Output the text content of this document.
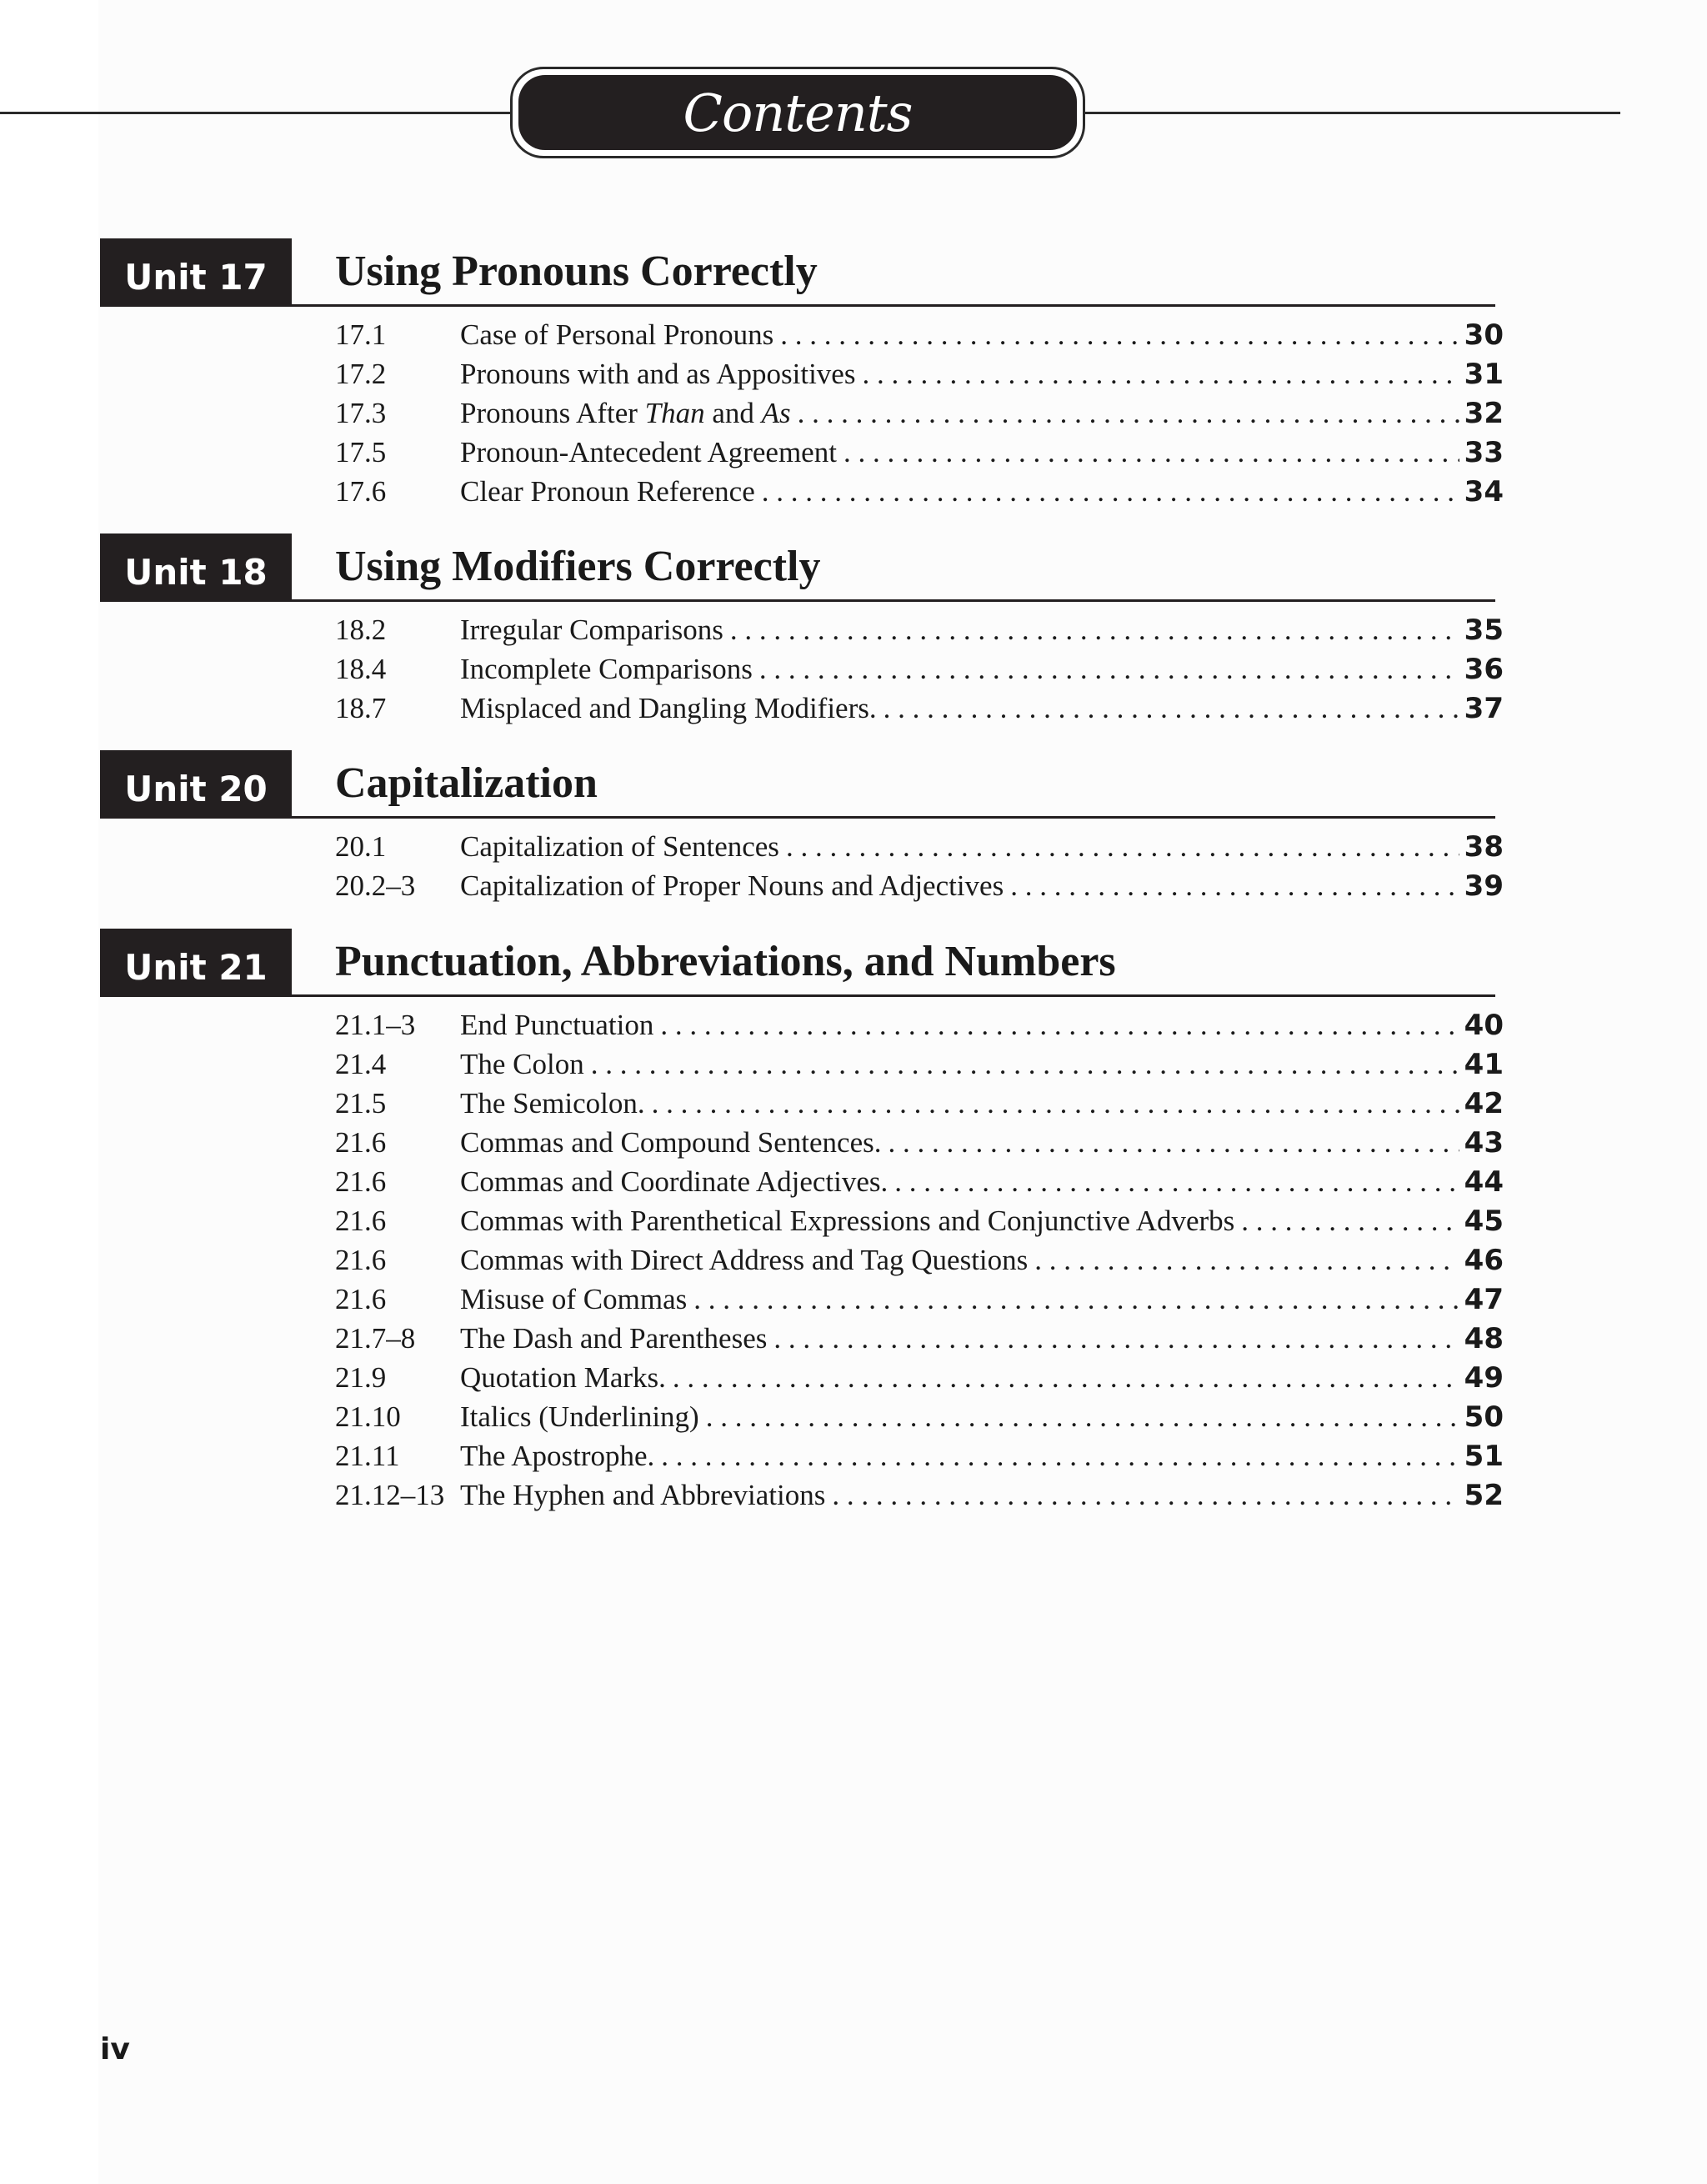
Contents
Unit 17	Using Pronouns Correctly
17.1	Case of Personal Pronouns . . .	30
17.2	Pronouns with and as Appositives . . .	31
17.3	Pronouns After Than and As . . .	32
17.5	Pronoun-Antecedent Agreement . . .	33
17.6	Clear Pronoun Reference . . .	34
Unit 18	Using Modifiers Correctly
18.2	Irregular Comparisons . . .	35
18.4	Incomplete Comparisons . . .	36
18.7	Misplaced and Dangling Modifiers. . . .	37
Unit 20	Capitalization
20.1	Capitalization of Sentences . . .	38
20.2–3	Capitalization of Proper Nouns and Adjectives . . .	39
Unit 21	Punctuation, Abbreviations, and Numbers
21.1–3	End Punctuation . . .	40
21.4	The Colon . . .	41
21.5	The Semicolon. . . .	42
21.6	Commas and Compound Sentences. . . .	43
21.6	Commas and Coordinate Adjectives. . . .	44
21.6	Commas with Parenthetical Expressions and Conjunctive Adverbs . . .	45
21.6	Commas with Direct Address and Tag Questions . . .	46
21.6	Misuse of Commas . . .	47
21.7–8	The Dash and Parentheses . . .	48
21.9	Quotation Marks. . . .	49
21.10	Italics (Underlining) . . .	50
21.11	The Apostrophe. . . .	51
21.12–13 The Hyphen and Abbreviations . . .	52
iv
